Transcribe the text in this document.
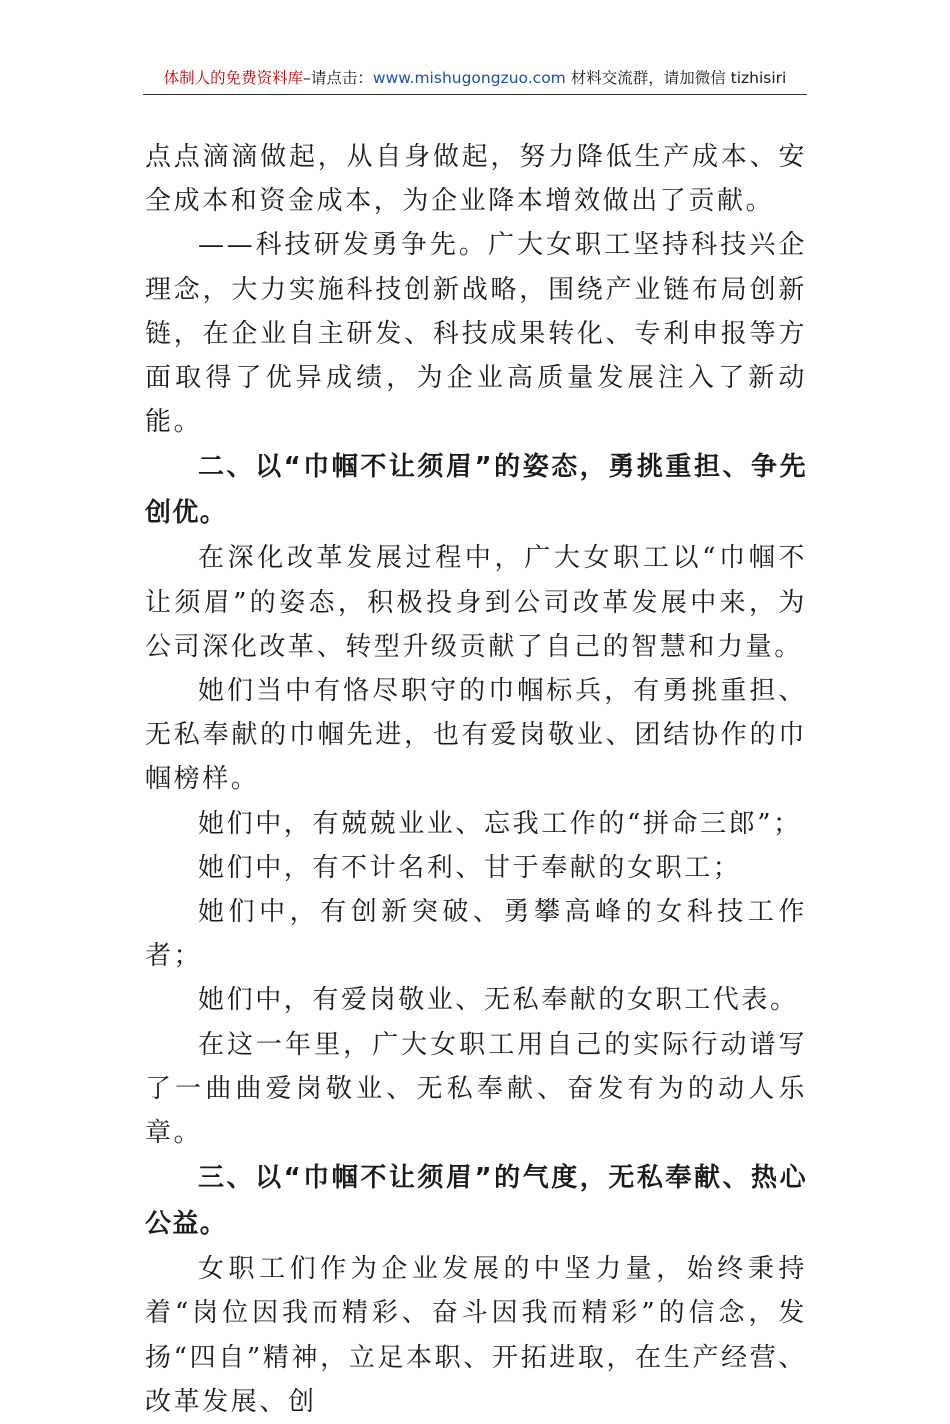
体制人的免费资料库–请点击：www.mishugongzuo.com 材料交流群，请加微信 tizhisiri

点点滴滴做起，从自身做起，努力降低生产成本、安全成本和资金成本，为企业降本增效做出了贡献。

——科技研发勇争先。广大女职工坚持科技兴企理念，大力实施科技创新战略，围绕产业链布局创新链，在企业自主研发、科技成果转化、专利申报等方面取得了优异成绩，为企业高质量发展注入了新动能。

二、以“巾帼不让须眉”的姿态，勇挑重担、争先创优。

在深化改革发展过程中，广大女职工以“巾帼不让须眉”的姿态，积极投身到公司改革发展中来，为公司深化改革、转型升级贡献了自己的智慧和力量。

她们当中有恪尽职守的巾帼标兵，有勇挑重担、无私奉献的巾帼先进，也有爱岗敬业、团结协作的巾帼榜样。

她们中，有兢兢业业、忘我工作的“拼命三郎”；

她们中，有不计名利、甘于奉献的女职工；

她们中，有创新突破、勇攀高峰的女科技工作者；

她们中，有爱岗敬业、无私奉献的女职工代表。

在这一年里，广大女职工用自己的实际行动谱写了一曲曲爱岗敬业、无私奉献、奋发有为的动人乐章。

三、以“巾帼不让须眉”的气度，无私奉献、热心公益。

女职工们作为企业发展的中坚力量，始终秉持着“岗位因我而精彩、奋斗因我而精彩”的信念，发扬“四自”精神，立足本职、开拓进取，在生产经营、改革发展、创
